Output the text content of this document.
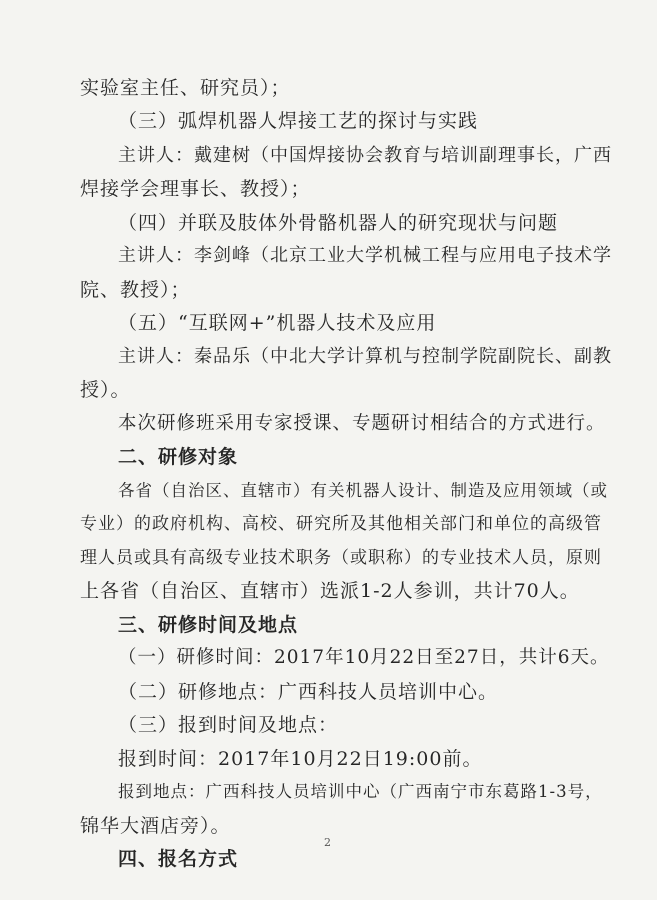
实验室主任、研究员）；
（三）弧焊机器人焊接工艺的探讨与实践
主讲人：戴建树（中国焊接协会教育与培训副理事长，广西
焊接学会理事长、教授）；
（四）并联及肢体外骨骼机器人的研究现状与问题
主讲人：李剑峰（北京工业大学机械工程与应用电子技术学
院、教授）；
（五）“互联网+”机器人技术及应用
主讲人：秦品乐（中北大学计算机与控制学院副院长、副教
授）。
本次研修班采用专家授课、专题研讨相结合的方式进行。
二、研修对象
各省（自治区、直辖市）有关机器人设计、制造及应用领域（或
专业）的政府机构、高校、研究所及其他相关部门和单位的高级管
理人员或具有高级专业技术职务（或职称）的专业技术人员，原则
上各省（自治区、直辖市）选派1-2人参训，共计70人。
三、研修时间及地点
（一）研修时间：2017年10月22日至27日，共计6天。
（二）研修地点：广西科技人员培训中心。
（三）报到时间及地点：
报到时间：2017年10月22日19:00前。
报到地点：广西科技人员培训中心（广西南宁市东葛路1-3号，
锦华大酒店旁）。
四、报名方式
2
